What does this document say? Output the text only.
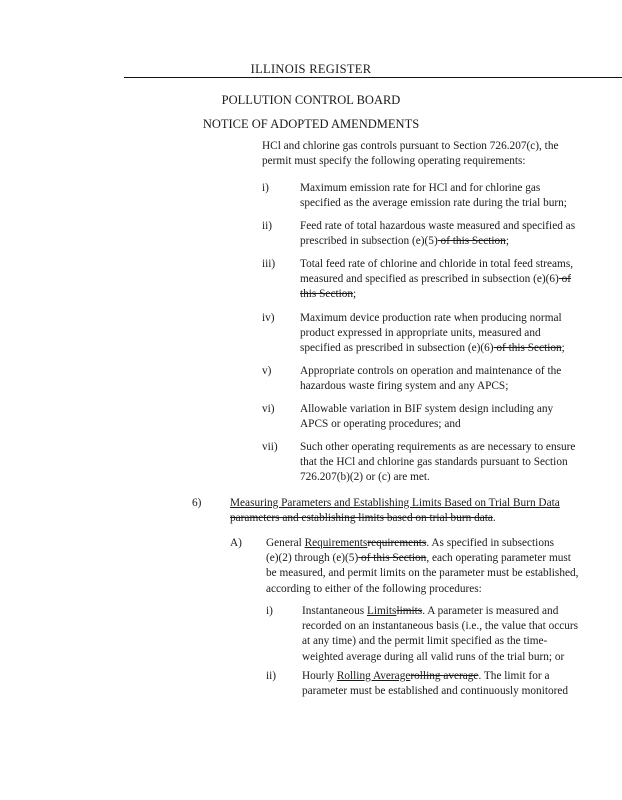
ILLINOIS REGISTER
POLLUTION CONTROL BOARD
NOTICE OF ADOPTED AMENDMENTS
HCl and chlorine gas controls pursuant to Section 726.207(c), the
permit must specify the following operating requirements:
i)	Maximum emission rate for HCl and for chlorine gas
specified as the average emission rate during the trial burn;
ii) Feed rate of total hazardous waste measured and specified as
prescribed in subsection (e)(5) of this Section;
iii) Total feed rate of chlorine and chloride in total feed streams,
measured and specified as prescribed in subsection (e)(6) of
this Section;
iv) Maximum device production rate when producing normal
product expressed in appropriate units, measured and
specified as prescribed in subsection (e)(6) of this Section;
v)	Appropriate controls on operation and maintenance of the
hazardous waste firing system and any APCS;
vi) Allowable variation in BIF system design including any
APCS or operating procedures; and
vii) Such other operating requirements as are necessary to ensure
that the HCl and chlorine gas standards pursuant to Section
726.207(b)(2) or (c) are met.
6)	Measuring Parameters and Establishing Limits Based on Trial Burn Data
parameters and establishing limits based on trial burn data.
A) General Requirementsrequirements. As specified in subsections
(e)(2) through (e)(5) of this Section, each operating parameter must
be measured, and permit limits on the parameter must be established,
according to either of the following procedures:
i)	Instantaneous Limitslimits. A parameter is measured and
recorded on an instantaneous basis (i.e., the value that occurs
at any time) and the permit limit specified as the time-
weighted average during all valid runs of the trial burn; or
ii) Hourly Rolling Averagerolling average. The limit for a
parameter must be established and continuously monitored
